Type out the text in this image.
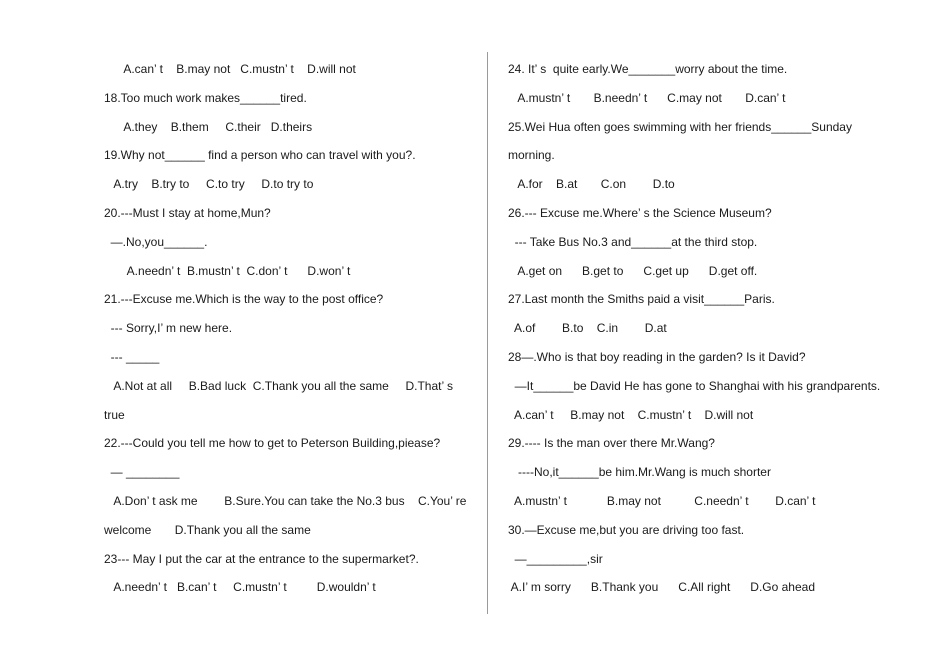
A.can’ t    B.may not   C.mustn’ t    D.will not
18.Too much work makes______tired.
A.they    B.them     C.their   D.theirs
19.Why not______ find a person who can travel with you?.
A.try    B.try to     C.to try     D.to try to
20.---Must I stay at home,Mun?
—.No,you______.
A.needn’ t  B.mustn’ t  C.don’ t      D.won’ t
21.---Excuse me.Which is the way to the post office?
--- Sorry,I’ m new here.
--- _____
A.Not at all     B.Bad luck  C.Thank you all the same     D.That’ s
true
22.---Could you tell me how to get to Peterson Building,piease?
— ________
A.Don’ t ask me        B.Sure.You can take the No.3 bus    C.You’ re
welcome       D.Thank you all the same
23--- May I put the car at the entrance to the supermarket?.
A.needn’ t   B.can’ t     C.mustn’ t         D.wouldn’ t
24. It’ s  quite early.We_______worry about the time.
A.mustn’ t       B.needn’ t      C.may not       D.can’ t
25.Wei Hua often goes swimming with her friends______Sunday
morning.
A.for    B.at       C.on        D.to
26.--- Excuse me.Where’ s the Science Museum?
--- Take Bus No.3 and______at the third stop.
A.get on      B.get to      C.get up      D.get off.
27.Last month the Smiths paid a visit______Paris.
A.of        B.to    C.in        D.at
28—.Who is that boy reading in the garden? Is it David?
—It______be David He has gone to Shanghai with his grandparents.
A.can’ t     B.may not    C.mustn’ t    D.will not
29.---- Is the man over there Mr.Wang?
----No,it______be him.Mr.Wang is much shorter
A.mustn’ t            B.may not          C.needn’ t        D.can’ t
30.—Excuse me,but you are driving too fast.
—_________,sir
A.I’ m sorry      B.Thank you      C.All right      D.Go ahead
